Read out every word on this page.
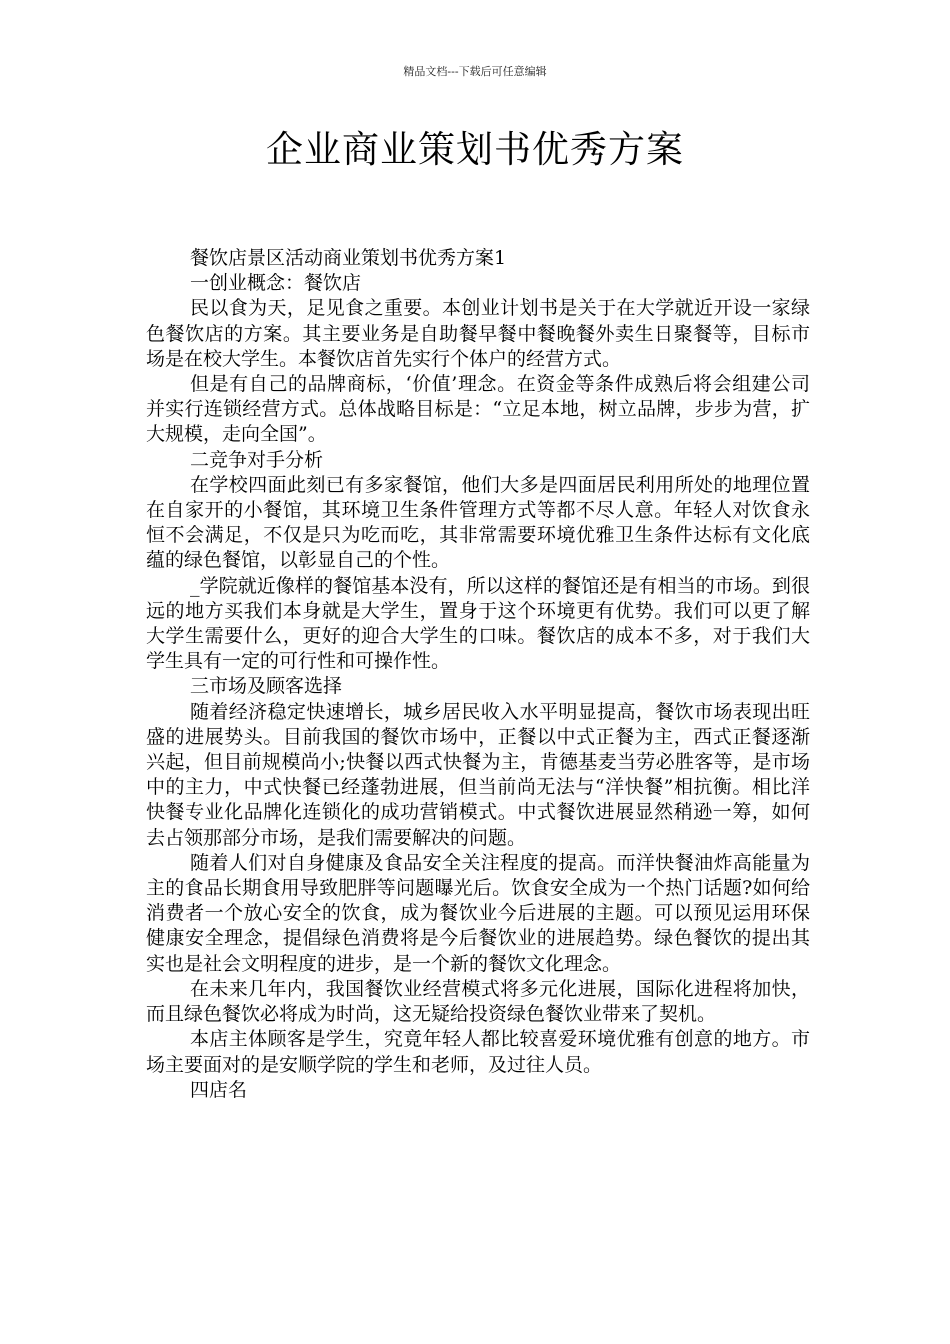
精品文档---下载后可任意编辑
企业商业策划书优秀方案

餐饮店景区活动商业策划书优秀方案1

一创业概念：餐饮店

民以食为天，足见食之重要。本创业计划书是关于在大学就近开设一家绿色餐饮店的方案。其主要业务是自助餐早餐中餐晚餐外卖生日聚餐等，目标市场是在校大学生。本餐饮店首先实行个体户的经营方式。

但是有自己的品牌商标，‘价值’理念。在资金等条件成熟后将会组建公司并实行连锁经营方式。总体战略目标是：“立足本地，树立品牌，步步为营，扩大规模，走向全国”。

二竞争对手分析

在学校四面此刻已有多家餐馆，他们大多是四面居民利用所处的地理位置在自家开的小餐馆，其环境卫生条件管理方式等都不尽人意。年轻人对饮食永恒不会满足，不仅是只为吃而吃，其非常需要环境优雅卫生条件达标有文化底蕴的绿色餐馆，以彰显自己的个性。

_学院就近像样的餐馆基本没有，所以这样的餐馆还是有相当的市场。到很远的地方买我们本身就是大学生，置身于这个环境更有优势。我们可以更了解大学生需要什么，更好的迎合大学生的口味。餐饮店的成本不多，对于我们大学生具有一定的可行性和可操作性。

三市场及顾客选择

随着经济稳定快速增长，城乡居民收入水平明显提高，餐饮市场表现出旺盛的进展势头。目前我国的餐饮市场中，正餐以中式正餐为主，西式正餐逐渐兴起，但目前规模尚小;快餐以西式快餐为主，肯德基麦当劳必胜客等，是市场中的主力，中式快餐已经蓬勃进展，但当前尚无法与“洋快餐”相抗衡。相比洋快餐专业化品牌化连锁化的成功营销模式。中式餐饮进展显然稍逊一筹，如何去占领那部分市场，是我们需要解决的问题。

随着人们对自身健康及食品安全关注程度的提高。而洋快餐油炸高能量为主的食品长期食用导致肥胖等问题曝光后。饮食安全成为一个热门话题?如何给消费者一个放心安全的饮食，成为餐饮业今后进展的主题。可以预见运用环保健康安全理念，提倡绿色消费将是今后餐饮业的进展趋势。绿色餐饮的提出其实也是社会文明程度的进步，是一个新的餐饮文化理念。

在未来几年内，我国餐饮业经营模式将多元化进展，国际化进程将加快，而且绿色餐饮必将成为时尚，这无疑给投资绿色餐饮业带来了契机。

本店主体顾客是学生，究竟年轻人都比较喜爱环境优雅有创意的地方。市场主要面对的是安顺学院的学生和老师，及过往人员。

四店名
